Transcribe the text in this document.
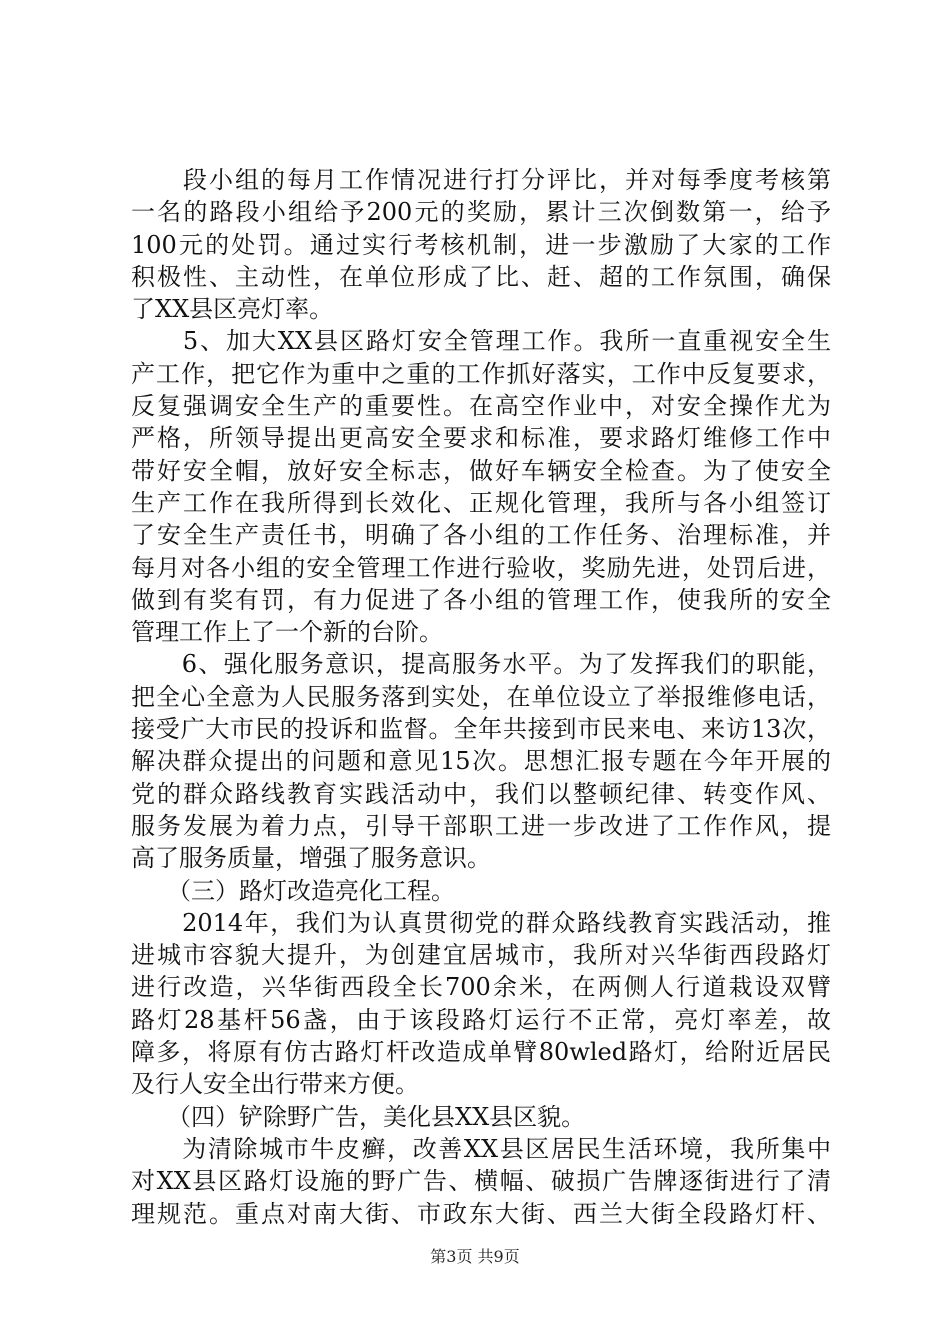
　　段小组的每月工作情况进行打分评比，并对每季度考核第
一名的路段小组给予200元的奖励，累计三次倒数第一，给予
100元的处罚。通过实行考核机制，进一步激励了大家的工作
积极性、主动性，在单位形成了比、赶、超的工作氛围，确保
了XX县区亮灯率。
　　5、加大XX县区路灯安全管理工作。我所一直重视安全生
产工作，把它作为重中之重的工作抓好落实，工作中反复要求，
反复强调安全生产的重要性。在高空作业中，对安全操作尤为
严格，所领导提出更高安全要求和标准，要求路灯维修工作中
带好安全帽，放好安全标志，做好车辆安全检查。为了使安全
生产工作在我所得到长效化、正规化管理，我所与各小组签订
了安全生产责任书，明确了各小组的工作任务、治理标准，并
每月对各小组的安全管理工作进行验收，奖励先进，处罚后进，
做到有奖有罚，有力促进了各小组的管理工作，使我所的安全
管理工作上了一个新的台阶。
　　6、强化服务意识，提高服务水平。为了发挥我们的职能，
把全心全意为人民服务落到实处，在单位设立了举报维修电话，
接受广大市民的投诉和监督。全年共接到市民来电、来访13次，
解决群众提出的问题和意见15次。思想汇报专题在今年开展的
党的群众路线教育实践活动中，我们以整顿纪律、转变作风、
服务发展为着力点，引导干部职工进一步改进了工作作风，提
高了服务质量，增强了服务意识。
　　（三）路灯改造亮化工程。
　　2014年，我们为认真贯彻党的群众路线教育实践活动，推
进城市容貌大提升，为创建宜居城市，我所对兴华街西段路灯
进行改造，兴华街西段全长700余米，在两侧人行道栽设双臂
路灯28基杆56盏，由于该段路灯运行不正常，亮灯率差，故
障多，将原有仿古路灯杆改造成单臂80wled路灯，给附近居民
及行人安全出行带来方便。
　　（四）铲除野广告，美化县XX县区貌。
　　为清除城市牛皮癣，改善XX县区居民生活环境，我所集中
对XX县区路灯设施的野广告、横幅、破损广告牌逐街进行了清
理规范。重点对南大街、市政东大街、西兰大街全段路灯杆、
第3页 共9页
